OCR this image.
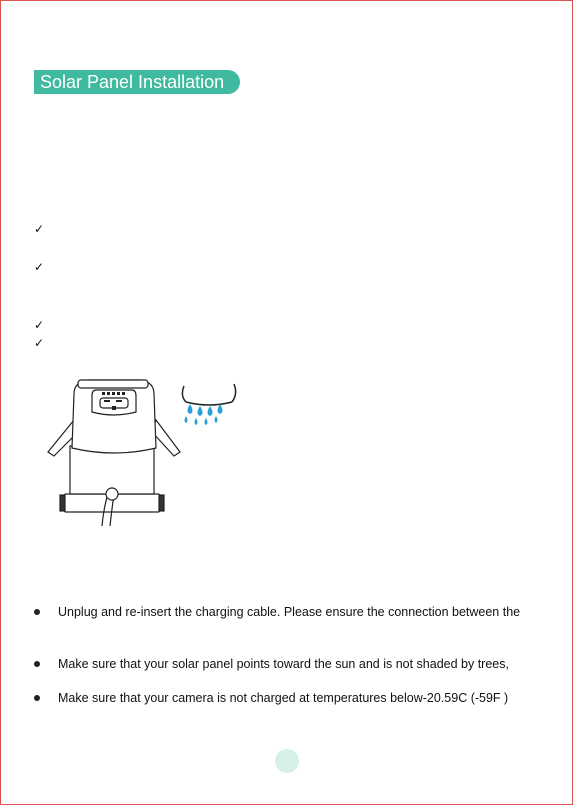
Solar Panel Installation
✓
✓
✓
✓
Unplug and re-insert the charging cable. Please ensure the connection between the
Make sure that your solar panel points toward the sun and is not shaded by trees,
Make sure that your camera is not charged at temperatures below-20.59C (-59F )
